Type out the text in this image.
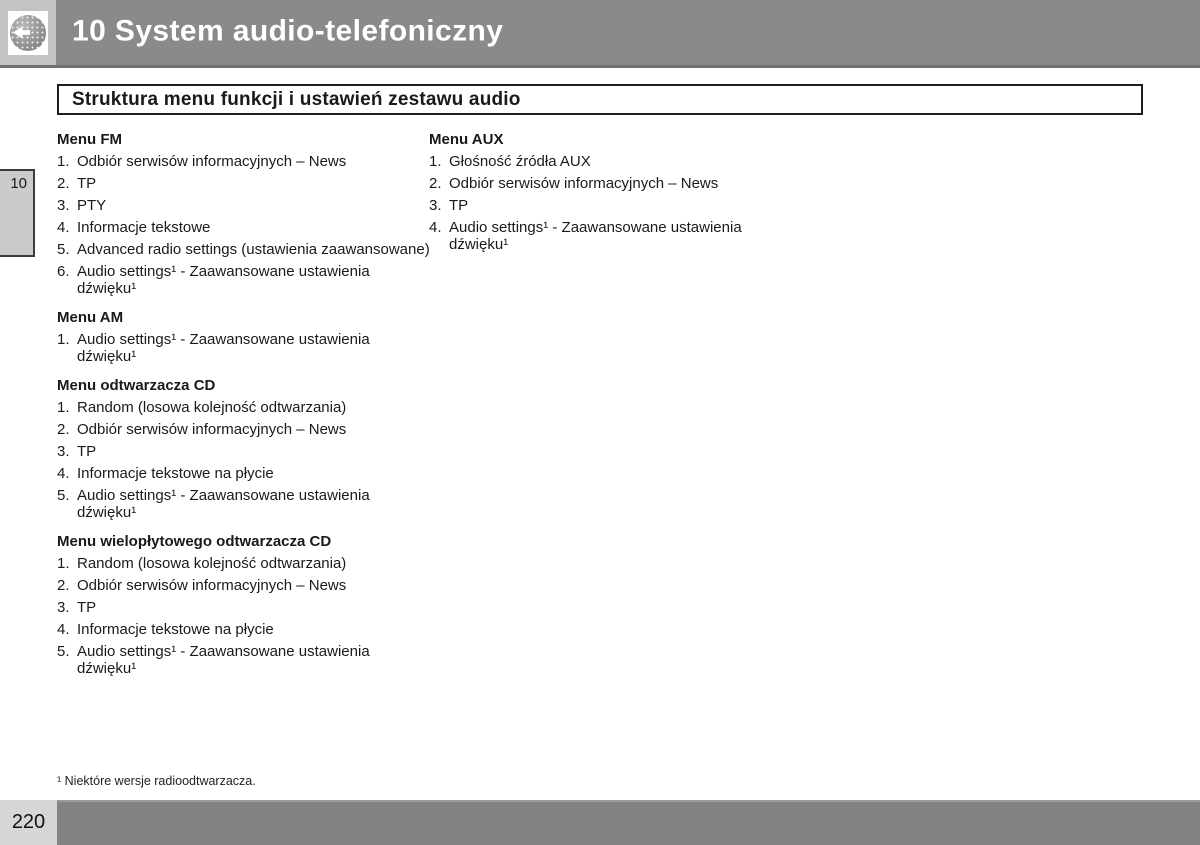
10 System audio-telefoniczny
Struktura menu funkcji i ustawień zestawu audio
10
Menu FM
1. Odbiór serwisów informacyjnych – News
2. TP
3. PTY
4. Informacje tekstowe
5. Advanced radio settings (ustawienia zaawansowane)
6. Audio settings¹ - Zaawansowane ustawienia dźwięku¹
Menu AM
1. Audio settings¹ - Zaawansowane ustawienia dźwięku¹
Menu odtwarzacza CD
1. Random (losowa kolejność odtwarzania)
2. Odbiór serwisów informacyjnych – News
3. TP
4. Informacje tekstowe na płycie
5. Audio settings¹ - Zaawansowane ustawienia dźwięku¹
Menu wielopłytowego odtwarzacza CD
1. Random (losowa kolejność odtwarzania)
2. Odbiór serwisów informacyjnych – News
3. TP
4. Informacje tekstowe na płycie
5. Audio settings¹ - Zaawansowane ustawienia dźwięku¹
Menu AUX
1. Głośność źródła AUX
2. Odbiór serwisów informacyjnych – News
3. TP
4. Audio settings¹ - Zaawansowane ustawienia dźwięku¹

¹ Niektóre wersje radioodtwarzacza.

220
